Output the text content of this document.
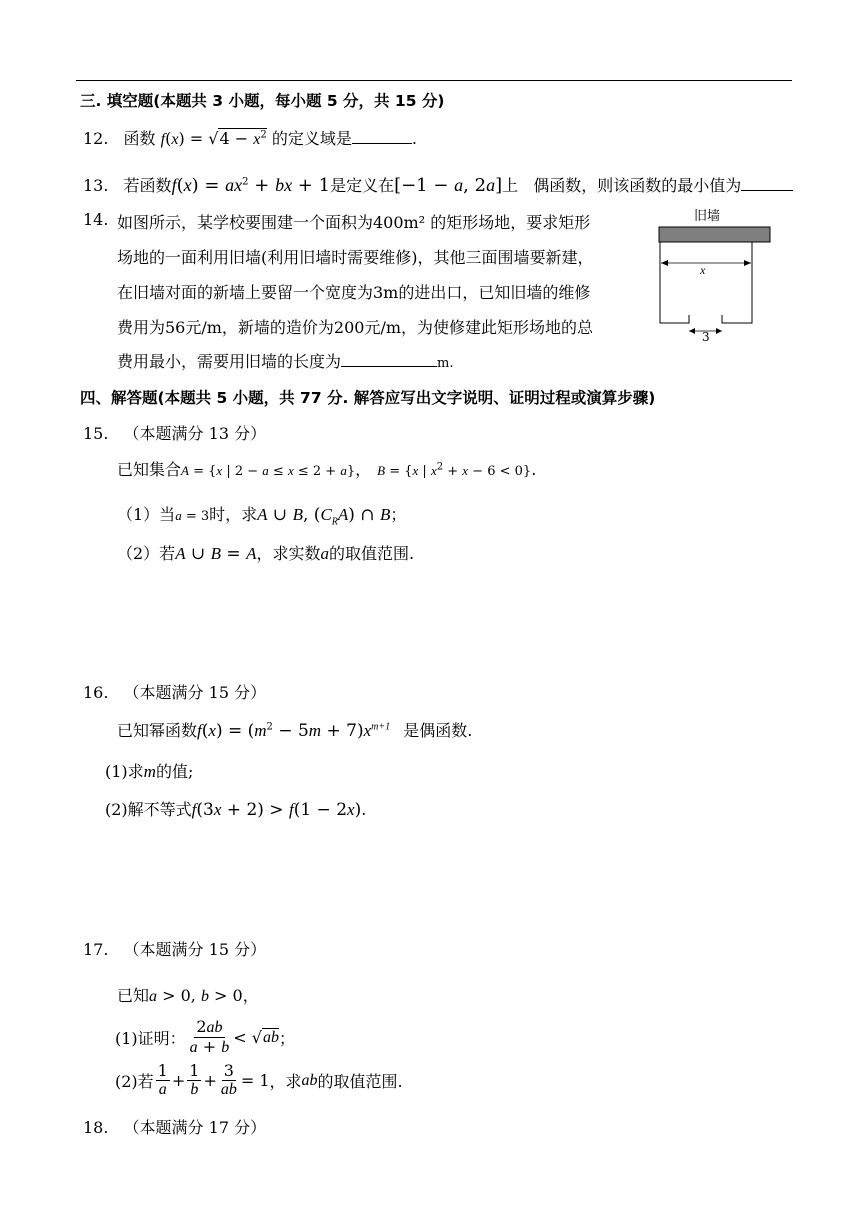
三. 填空题(本题共 3 小题，每小题 5 分，共 15 分)
12. 函数 $f(x) = √4 - x^2$ 的定义域是	.
13. 若函数$f(x) = ax^2$ + bx + 1是定义在[−1 − a, 2a]上 偶函数，则该函数的最小值为
14. 如图所示，某学校要围建一个面积为400m² 的矩形场地，要求矩形
场地的一面利用旧墙(利用旧墙时需要维修)，其他三面围墙要新建，
在旧墙对面的新墙上要留一个宽度为3m的进出口，已知旧墙的维修
费用为56元/m，新墙的造价为200元/m，为使修建此矩形场地的总
费用最小，需要用旧墙的长度为	m.
旧墙
x
3
四、解答题(本题共 5 小题，共 77 分. 解答应写出文字说明、证明过程或演算步骤)
15. （本题满分 13 分）
已知集合A = {x | 2 − a ≤ x ≤ 2 + a}， B = {x | $x^2 + x - 6 < 0$}.
（1）当a = 3时，求A ∪ B, $(C_RA)$ ∩ B；
（2）若A ∪ B = A，求实数a的取值范围.
16. （本题满分 15 分）
已知幂函数$f(x) = (m^2 - 5m + 7)x^{m+1}$ 是偶函数.
(1)求m的值;
(2)解不等式f(3x + 2) > f(1 − 2x).
17. （本题满分 15 分）
已知a > 0, b > 0，
(1)证明： $\frac{2ab}{a + b}$ < √ ab ；
(2)若 $\frac{1}{a} + \frac{1}{b} + \frac{3}{ab} = 1$ ，求 ab 的取值范围.
18. （本题满分 17 分）
